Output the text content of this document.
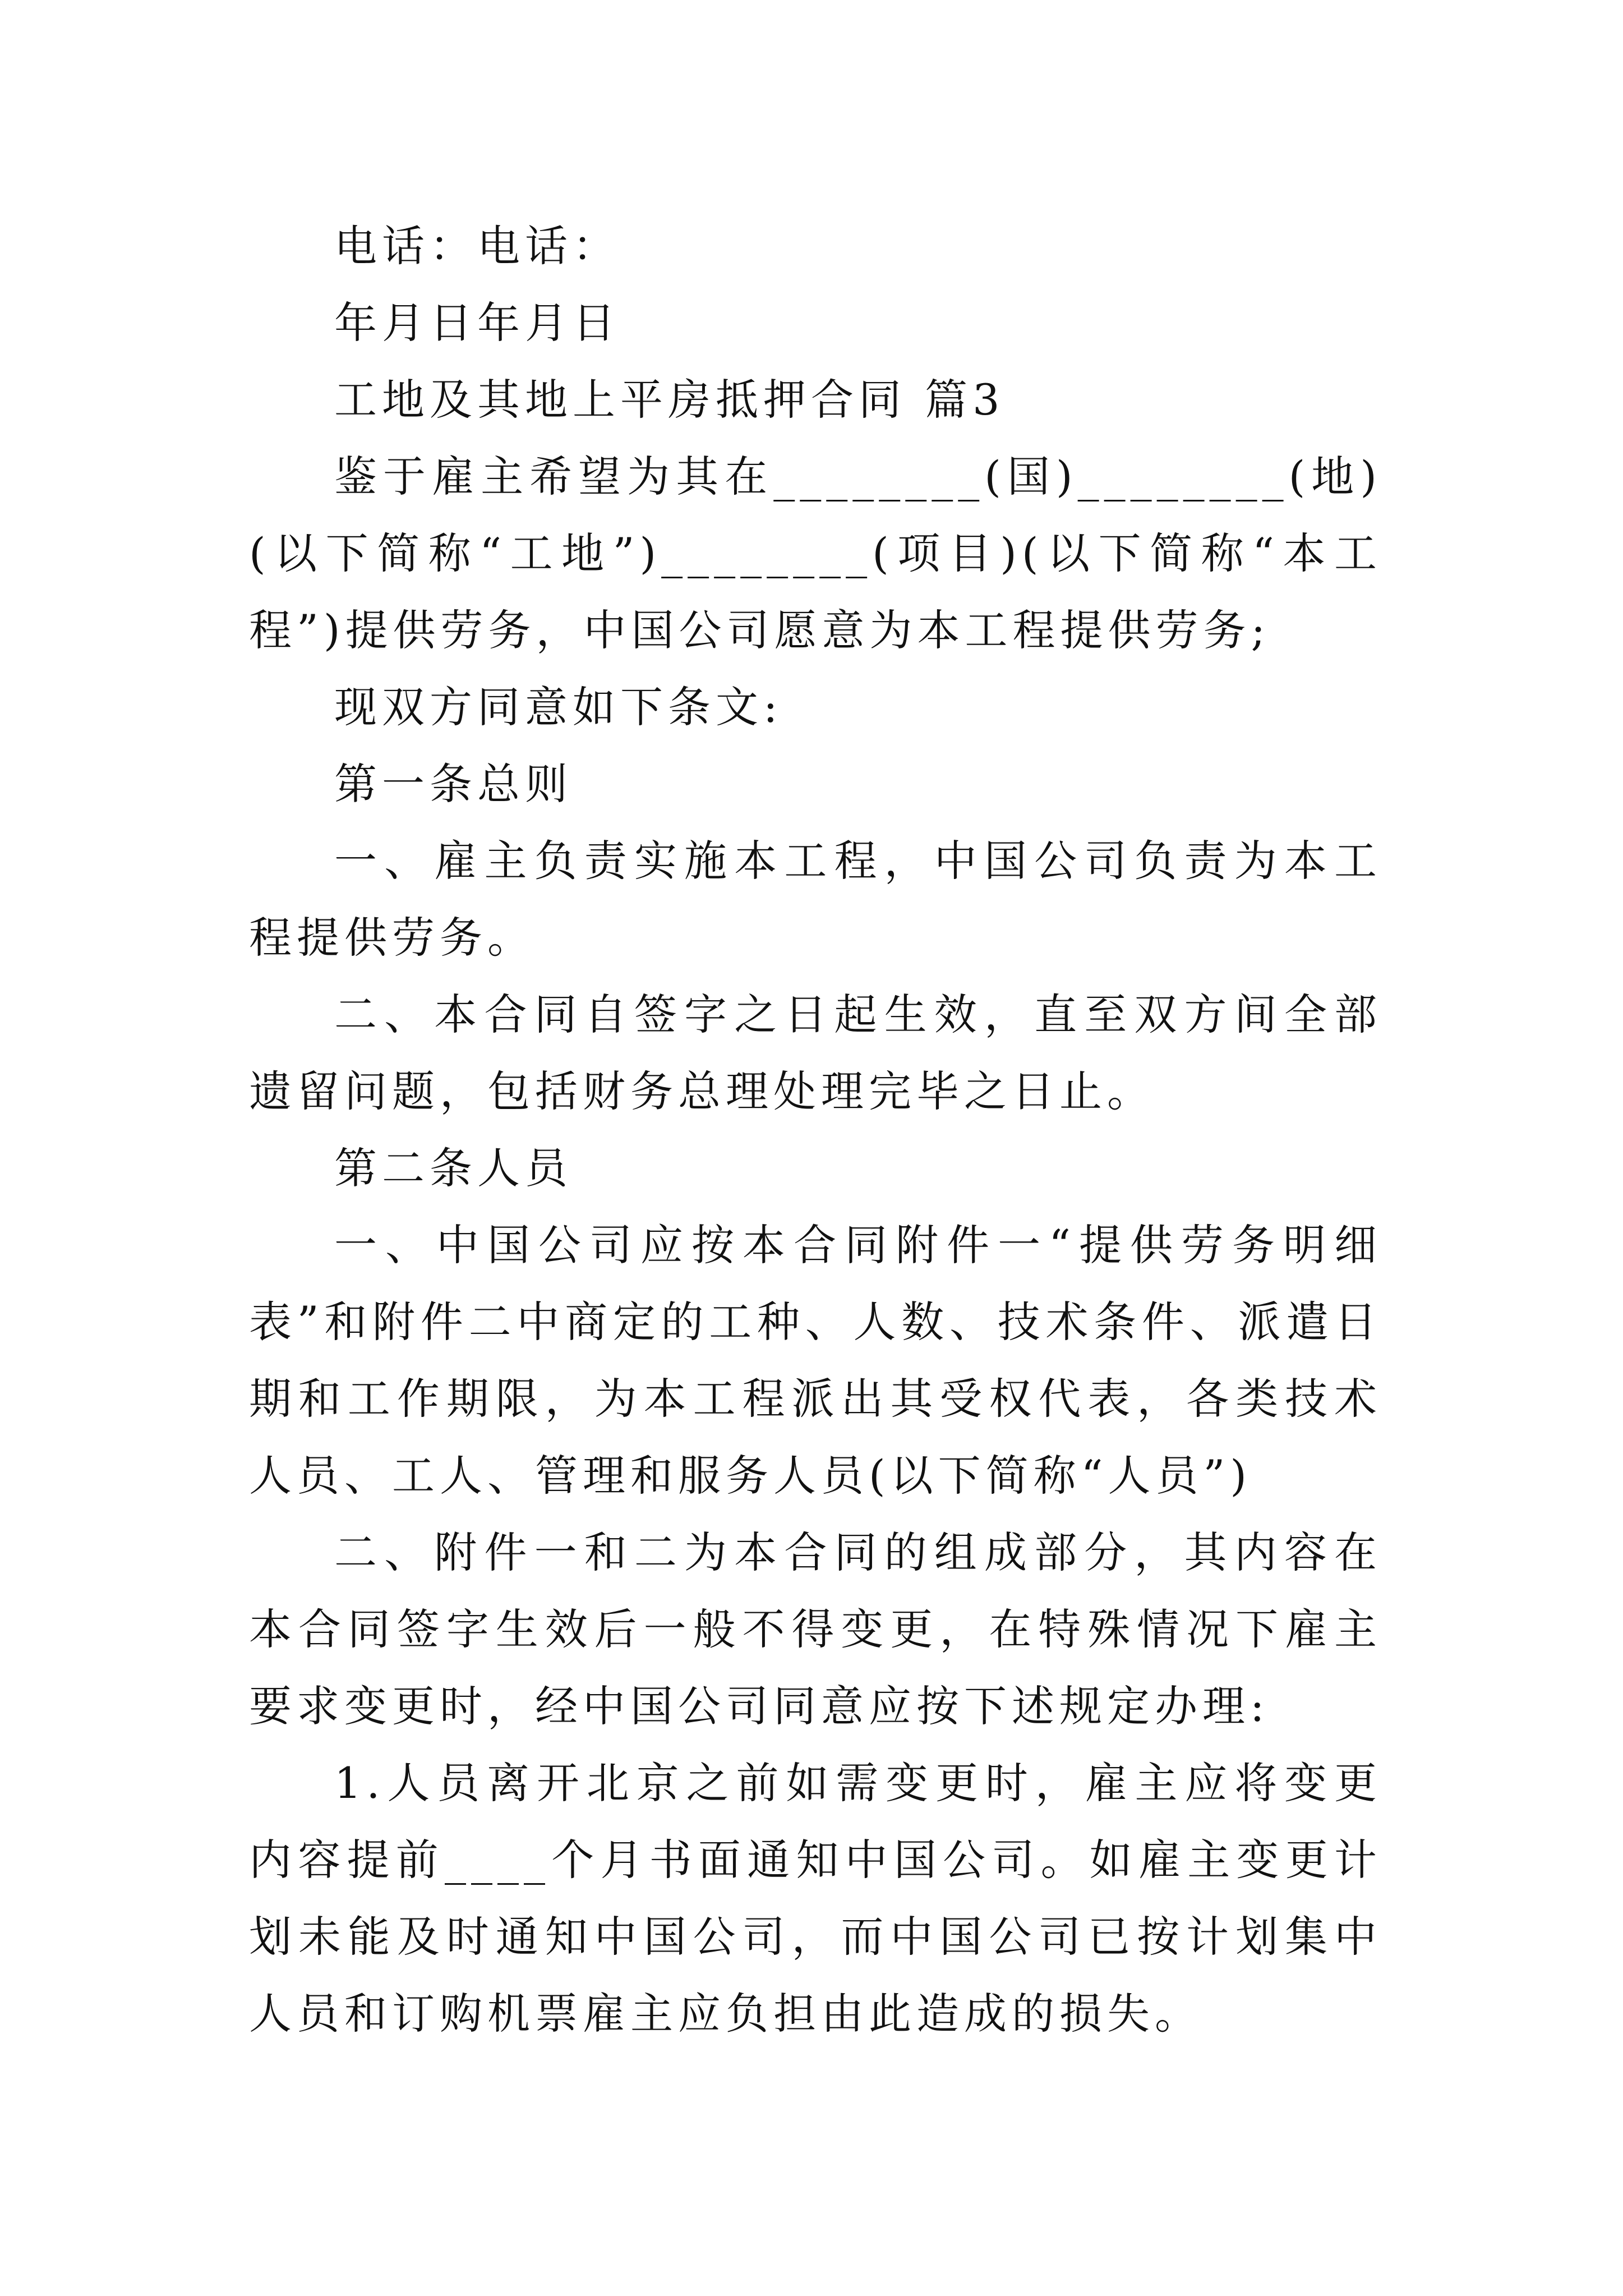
电话：电话：

年月日年月日

工地及其地上平房抵押合同 篇3

鉴于雇主希望为其在________(国)________(地)(以下简称“工地”)________(项目)(以下简称“本工程”)提供劳务，中国公司愿意为本工程提供劳务;

现双方同意如下条文:

第一条总则

一、雇主负责实施本工程，中国公司负责为本工程提供劳务。

二、本合同自签字之日起生效，直至双方间全部遗留问题，包括财务总理处理完毕之日止。

第二条人员

一、中国公司应按本合同附件一“提供劳务明细表”和附件二中商定的工种、人数、技术条件、派遣日期和工作期限，为本工程派出其受权代表，各类技术人员、工人、管理和服务人员(以下简称“人员”)

二、附件一和二为本合同的组成部分，其内容在本合同签字生效后一般不得变更，在特殊情况下雇主要求变更时，经中国公司同意应按下述规定办理:

1.人员离开北京之前如需变更时，雇主应将变更内容提前____个月书面通知中国公司。如雇主变更计划未能及时通知中国公司，而中国公司已按计划集中人员和订购机票雇主应负担由此造成的损失。
